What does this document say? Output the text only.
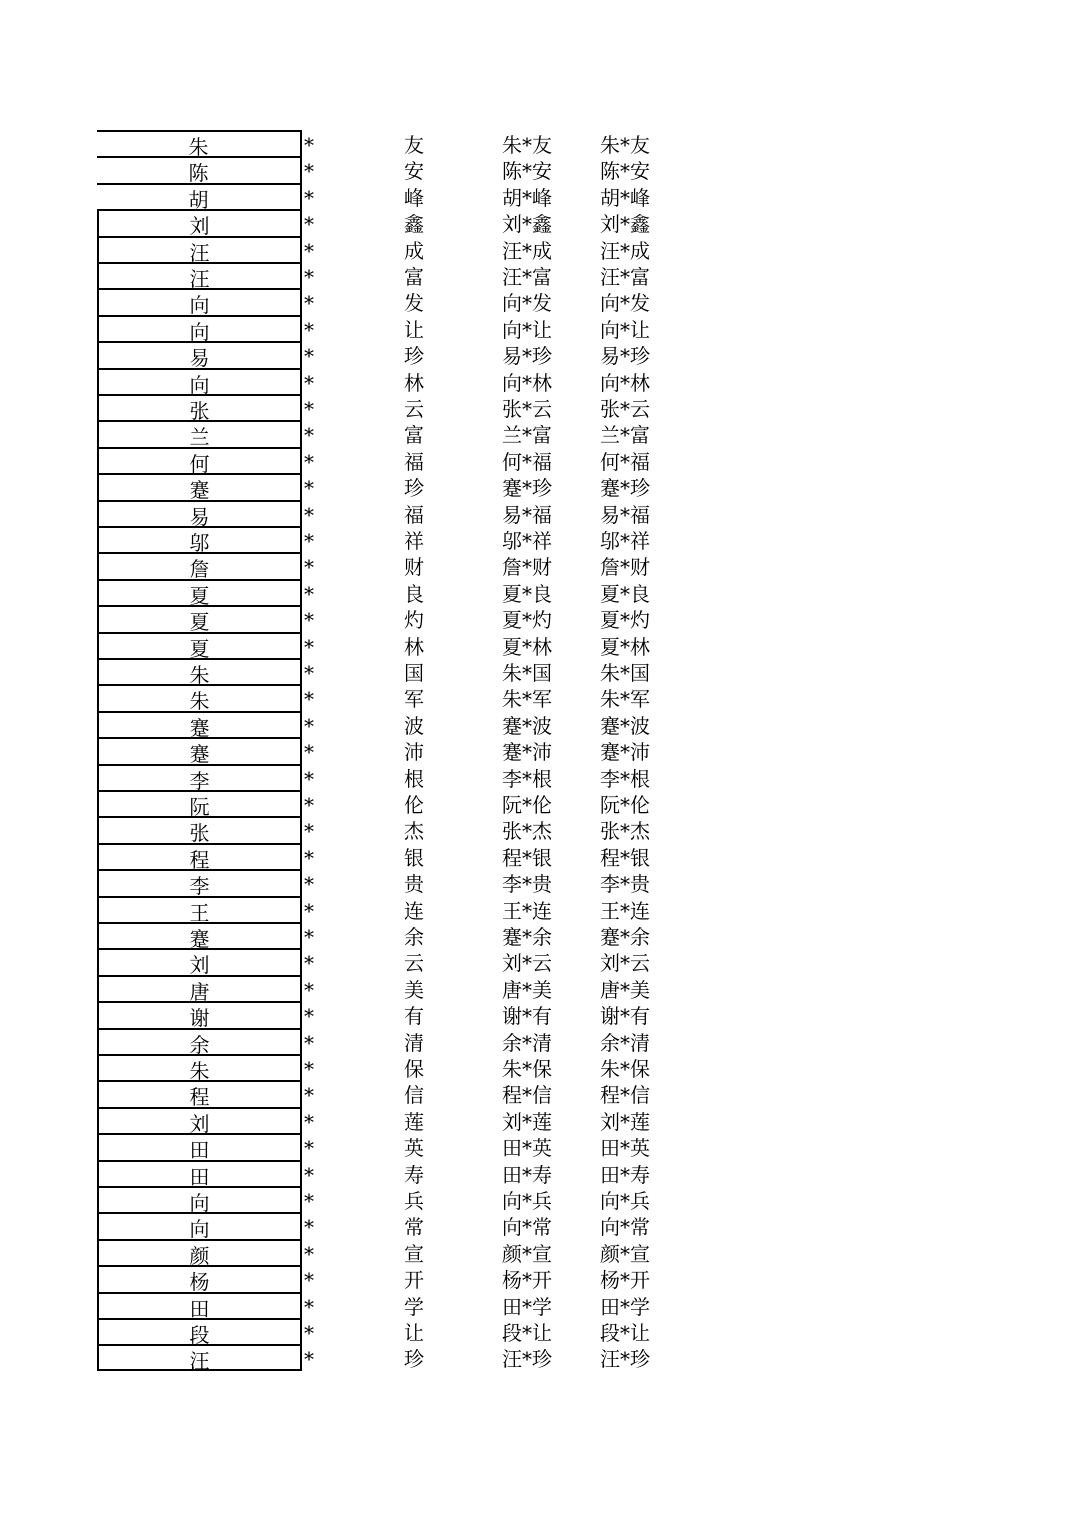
朱	*	友	朱*友	朱*友
陈	*	安	陈*安	陈*安
胡	*	峰	胡*峰	胡*峰
刘	*	鑫	刘*鑫	刘*鑫
汪	*	成	汪*成	汪*成
汪	*	富	汪*富	汪*富
向	*	发	向*发	向*发
向	*	让	向*让	向*让
易	*	珍	易*珍	易*珍
向	*	林	向*林	向*林
张	*	云	张*云	张*云
兰	*	富	兰*富	兰*富
何	*	福	何*福	何*福
蹇	*	珍	蹇*珍	蹇*珍
易	*	福	易*福	易*福
邬	*	祥	邬*祥	邬*祥
詹	*	财	詹*财	詹*财
夏	*	良	夏*良	夏*良
夏	*	灼	夏*灼	夏*灼
夏	*	林	夏*林	夏*林
朱	*	国	朱*国	朱*国
朱	*	军	朱*军	朱*军
蹇	*	波	蹇*波	蹇*波
蹇	*	沛	蹇*沛	蹇*沛
李	*	根	李*根	李*根
阮	*	伦	阮*伦	阮*伦
张	*	杰	张*杰	张*杰
程	*	银	程*银	程*银
李	*	贵	李*贵	李*贵
王	*	连	王*连	王*连
蹇	*	余	蹇*余	蹇*余
刘	*	云	刘*云	刘*云
唐	*	美	唐*美	唐*美
谢	*	有	谢*有	谢*有
余	*	清	余*清	余*清
朱	*	保	朱*保	朱*保
程	*	信	程*信	程*信
刘	*	莲	刘*莲	刘*莲
田	*	英	田*英	田*英
田	*	寿	田*寿	田*寿
向	*	兵	向*兵	向*兵
向	*	常	向*常	向*常
颜	*	宣	颜*宣	颜*宣
杨	*	开	杨*开	杨*开
田	*	学	田*学	田*学
段	*	让	段*让	段*让
汪	*	珍	汪*珍	汪*珍
